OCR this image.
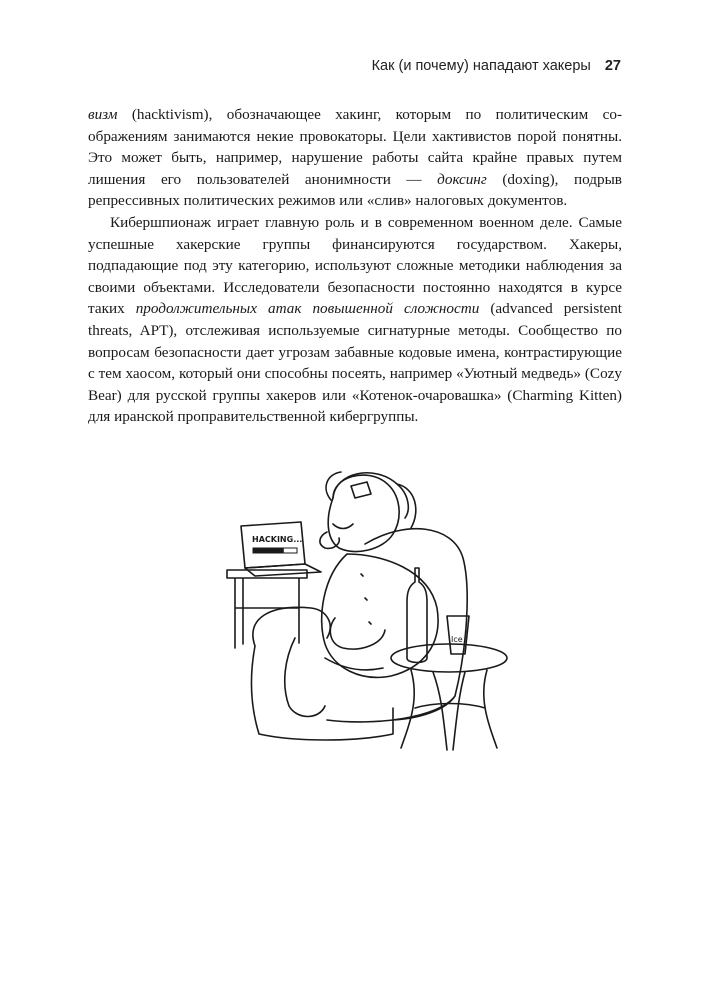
Как (и почему) нападают хакеры 27

визм (hacktivism), обозначающее хакинг, которым по политическим соображениям занимаются некие провокаторы. Цели хактивистов порой понятны. Это может быть, например, нарушение работы сайта крайне правых путем лишения его пользователей анонимности — доксинг (doxing), подрыв репрессивных политических режимов или «слив» налоговых документов.

Кибершпионаж играет главную роль и в современном военном деле. Самые успешные хакерские группы финансируются государством. Хакеры, подпадающие под эту категорию, используют сложные методики наблюдения за своими объектами. Исследователи безопасности постоянно находятся в курсе таких продолжительных атак повышенной сложности (advanced persistent threats, APT), отслеживая используемые сигнатурные методы. Сообщество по вопросам безопасности дает угрозам забавные кодовые имена, контрастирующие с тем хаосом, который они способны посеять, например «Уютный медведь» (Cozy Bear) для русской группы хакеров или «Котенок-очаровашка» (Charming Kitten) для иранской проправительственной кибергруппы.

HACKING...
Ice
